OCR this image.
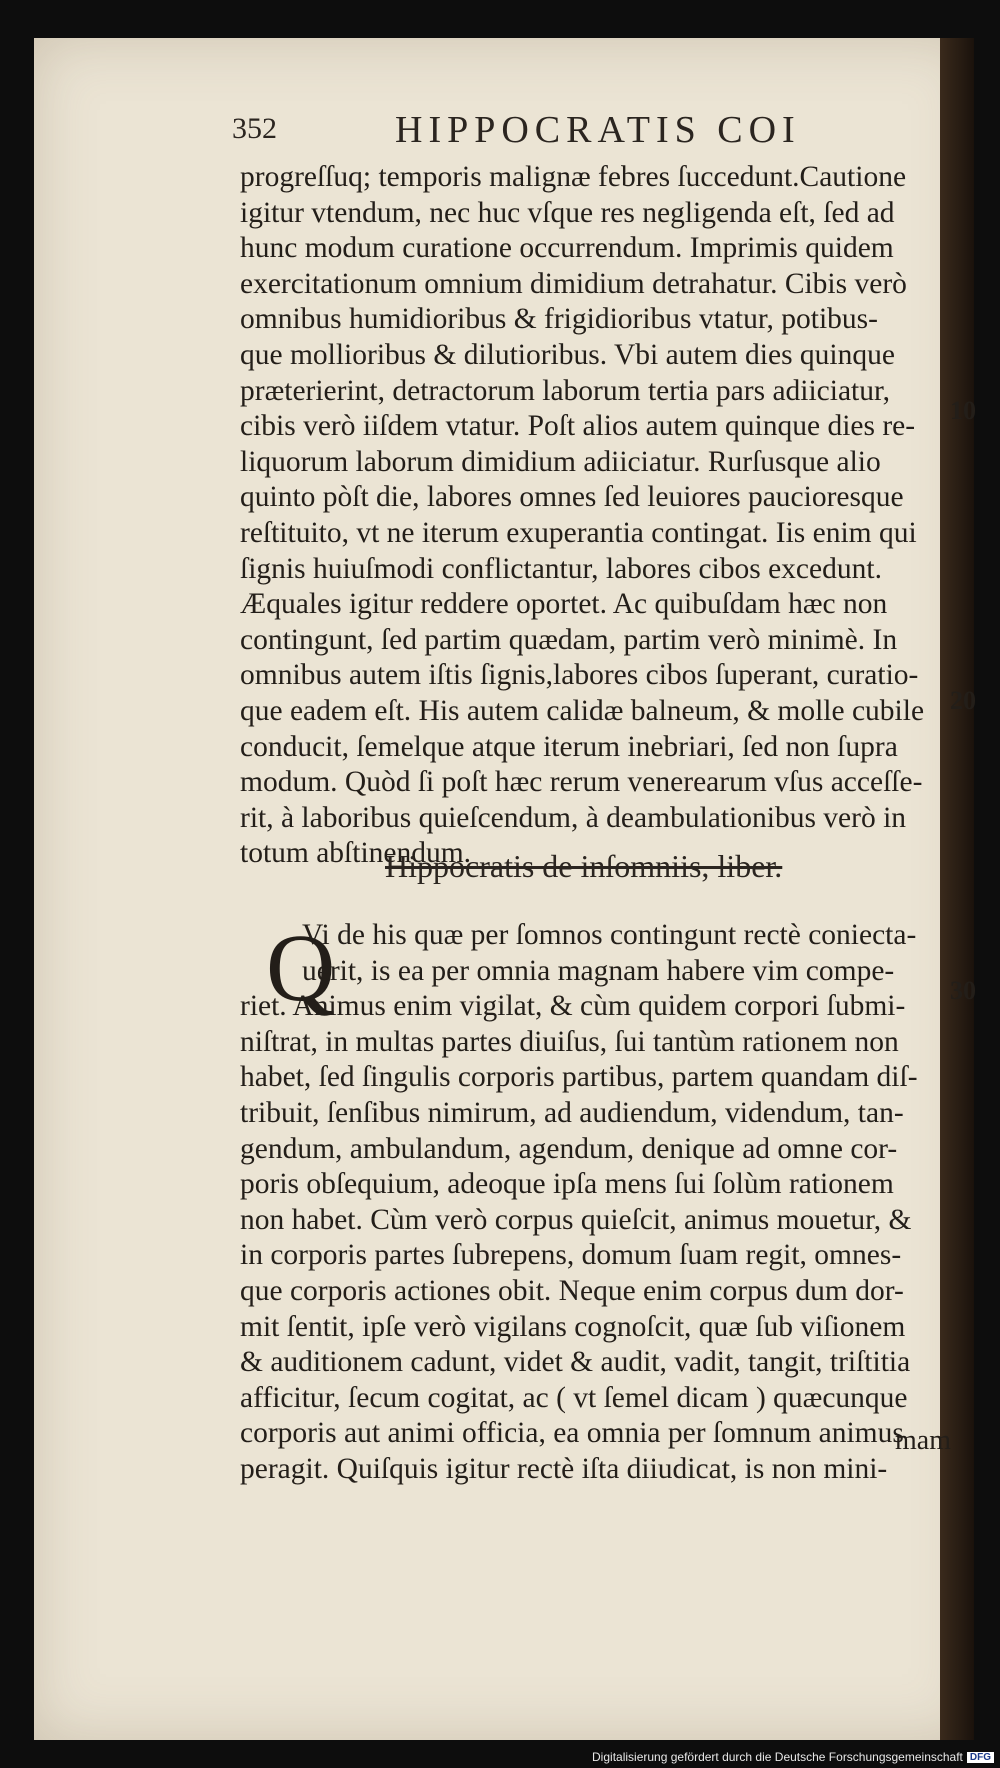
352	HIPPOCRATIS COI
progreſſuq; temporis malignæ febres ſuccedunt.Cautione
igitur vtendum, nec huc vſque res negligenda eſt, ſed ad
hunc modum curatione occurrendum. Imprimis quidem
exercitationum omnium dimidium detrahatur. Cibis verò
omnibus humidioribus & frigidioribus vtatur, potibus-
que mollioribus & dilutioribus. Vbi autem dies quinque
præterierint, detractorum laborum tertia pars adiiciatur,
cibis verò iiſdem vtatur. Poſt alios autem quinque dies re-
liquorum laborum dimidium adiiciatur. Rurſusque alio
quinto pòſt die, labores omnes ſed leuiores paucioresque
reſtituito, vt ne iterum exuperantia contingat. Iis enim qui
ſignis huiuſmodi conflictantur, labores cibos excedunt.
Æquales igitur reddere oportet. Ac quibuſdam hæc non
contingunt, ſed partim quædam, partim verò minimè. In
omnibus autem iſtis ſignis,labores cibos ſuperant, curatio-
que eadem eſt. His autem calidæ balneum, & molle cubile
conducit, ſemelque atque iterum inebriari, ſed non ſupra
modum. Quòd ſi poſt hæc rerum venerearum vſus acceſſe-
rit, à laboribus quieſcendum, à deambulationibus verò in
totum abſtinendum.
Hippocratis de inſomniis, liber.
Q
Vi de his quæ per ſomnos contingunt rectè coniecta-
uerit, is ea per omnia magnam habere vim compe-
riet. Animus enim vigilat, & cùm quidem corpori ſubmi-
niſtrat, in multas partes diuiſus, ſui tantùm rationem non
habet, ſed ſingulis corporis partibus, partem quandam diſ-
tribuit, ſenſibus nimirum, ad audiendum, videndum, tan-
gendum, ambulandum, agendum, denique ad omne cor-
poris obſequium, adeoque ipſa mens ſui ſolùm rationem
non habet. Cùm verò corpus quieſcit, animus mouetur, &
in corporis partes ſubrepens, domum ſuam regit, omnes-
que corporis actiones obit. Neque enim corpus dum dor-
mit ſentit, ipſe verò vigilans cognoſcit, quæ ſub viſionem
& auditionem cadunt, videt & audit, vadit, tangit, triſtitia
afficitur, ſecum cogitat, ac ( vt ſemel dicam ) quæcunque
corporis aut animi officia, ea omnia per ſomnum animus
peragit. Quiſquis igitur rectè iſta diiudicat, is non mini-
mam
10
20
30
Digitalisierung gefördert durch die Deutsche Forschungsgemeinschaft DFG
